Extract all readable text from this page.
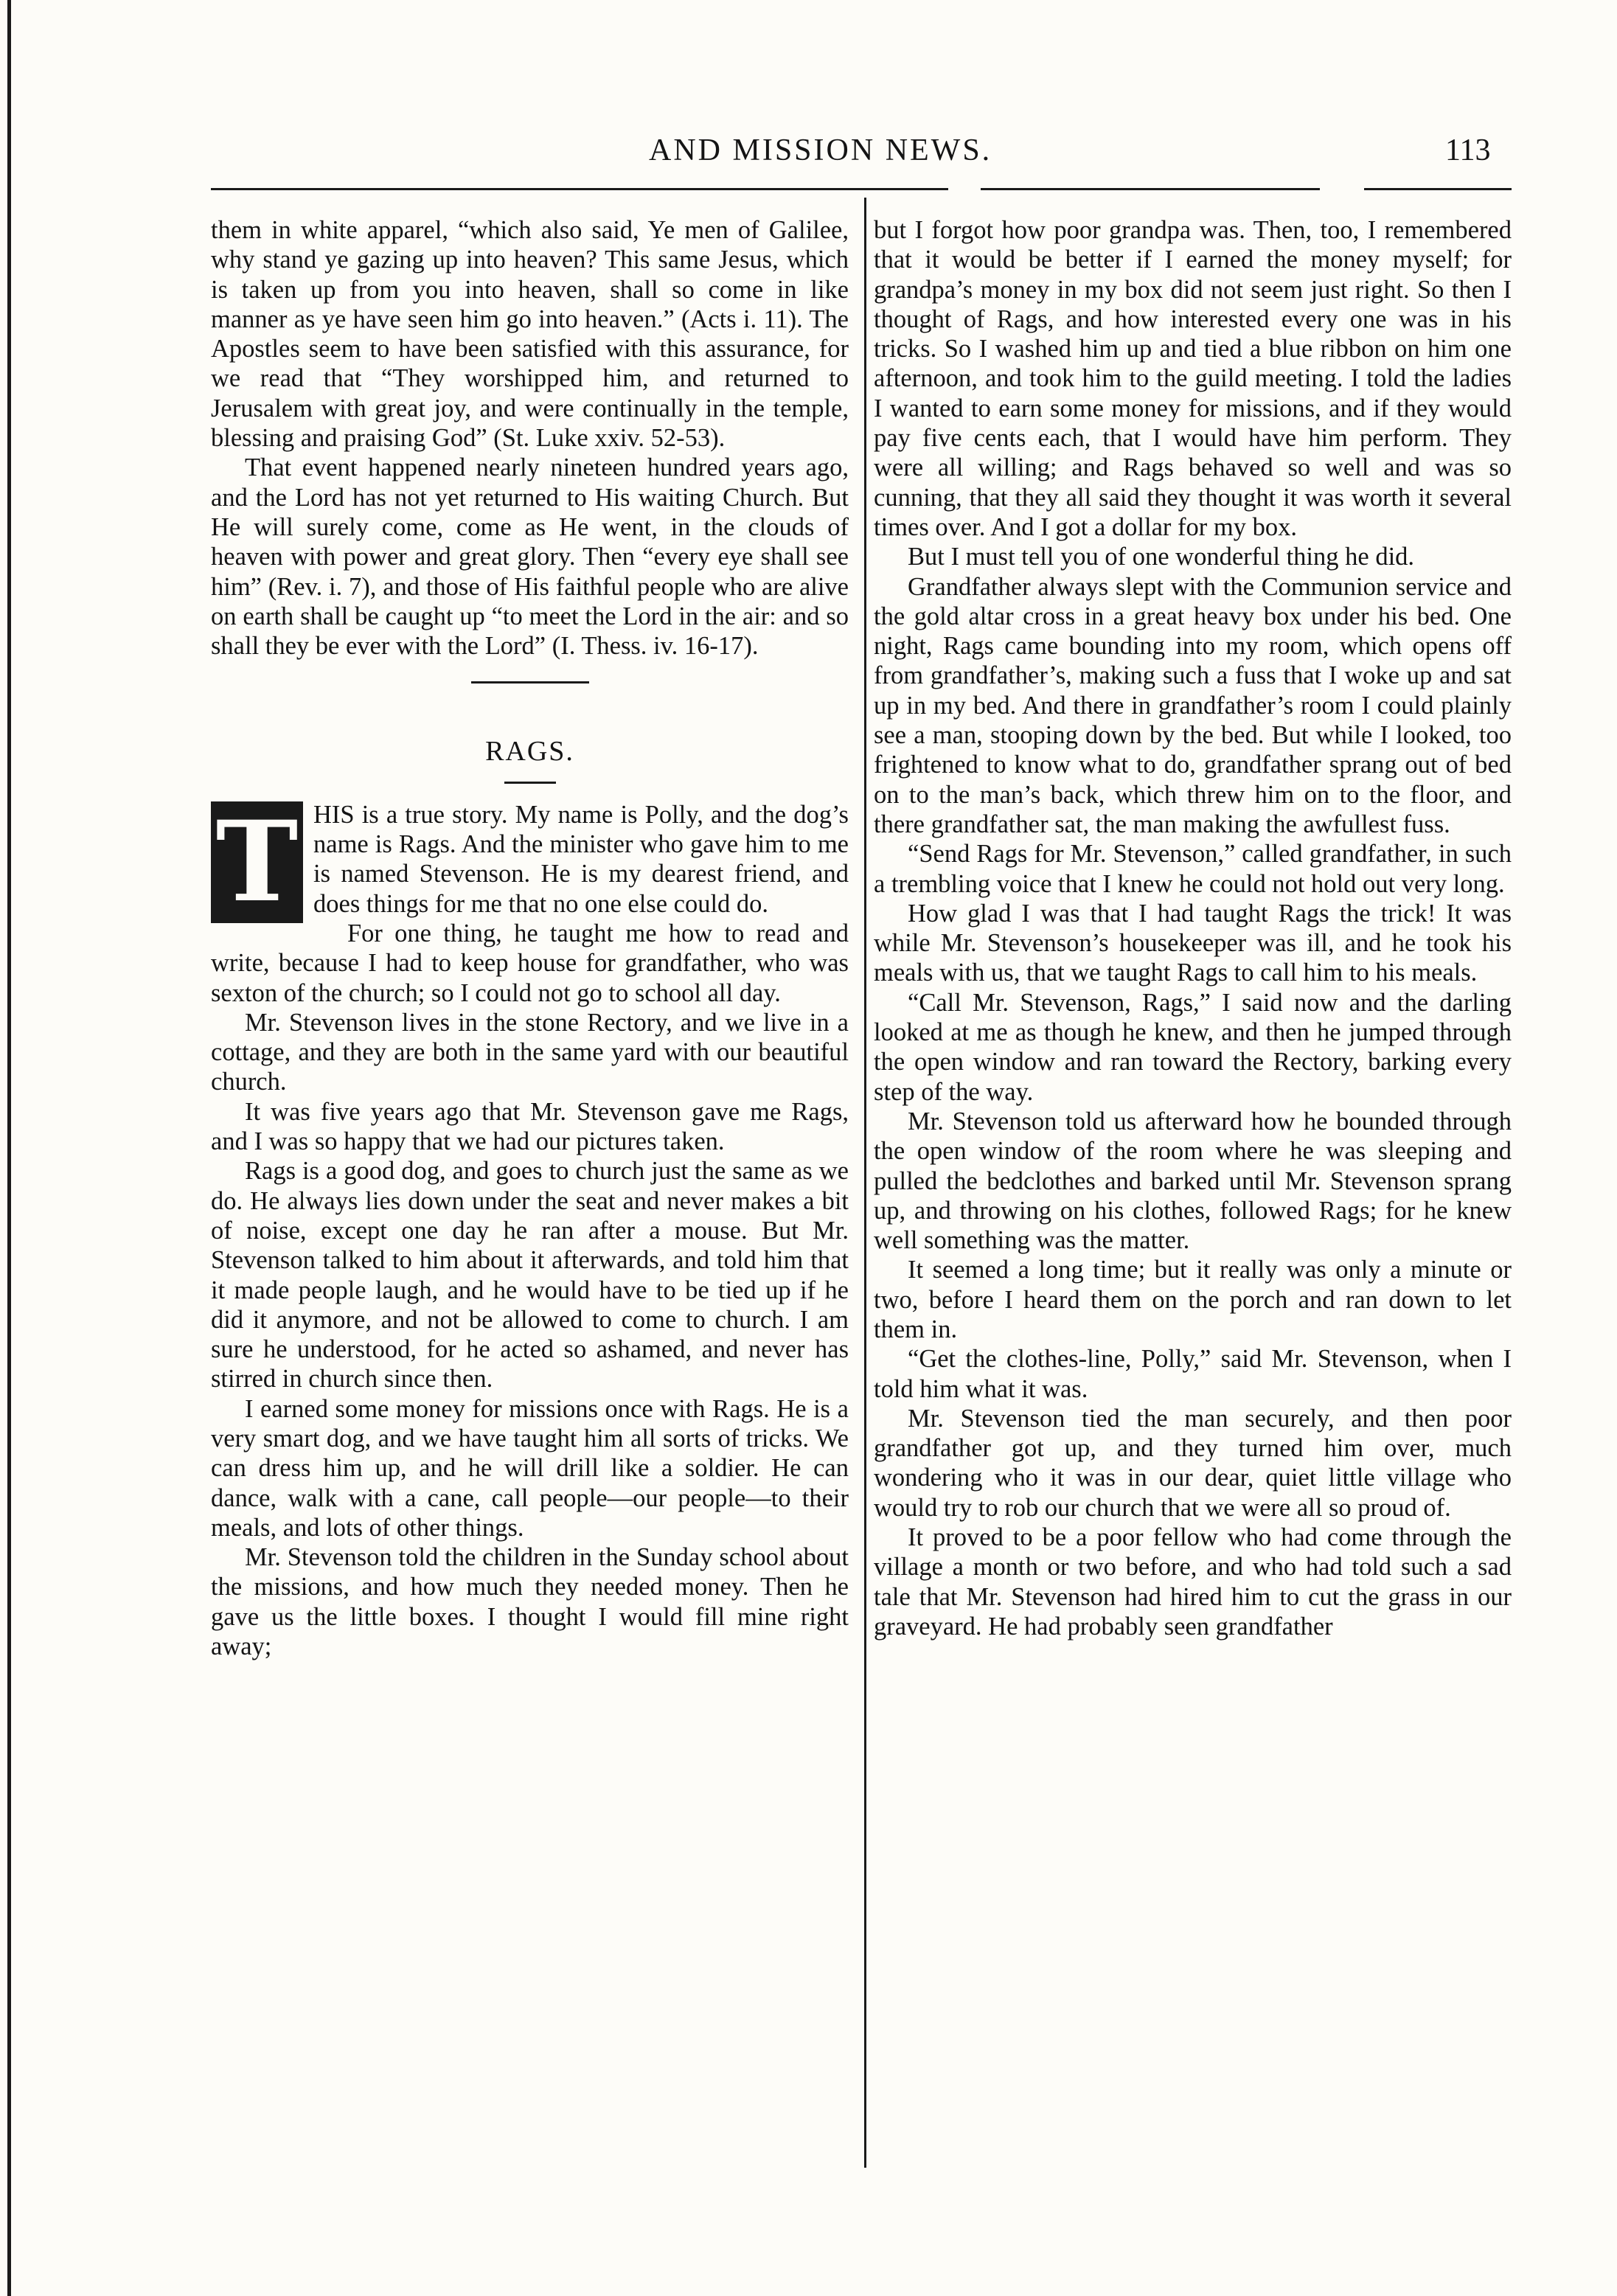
AND MISSION NEWS.	113

them in white apparel, “which also said, Ye men of Galilee, why stand ye gazing up into heaven? This same Jesus, which is taken up from you into heaven, shall so come in like manner as ye have seen him go into heaven.” (Acts i. 11). The Apostles seem to have been satisfied with this assurance, for we read that “They worshipped him, and returned to Jerusalem with great joy, and were continually in the temple, blessing and praising God” (St. Luke xxiv. 52-53).

That event happened nearly nineteen hundred years ago, and the Lord has not yet returned to His waiting Church. But He will surely come, come as He went, in the clouds of heaven with power and great glory. Then “every eye shall see him” (Rev. i. 7), and those of His faithful people who are alive on earth shall be caught up “to meet the Lord in the air: and so shall they be ever with the Lord” (I. Thess. iv. 16-17).

RAGS.

T HIS is a true story. My name is Polly, and the dog’s name is Rags. And the minister who gave him to me is named Stevenson. He is my dearest friend, and does things for me that no one else could do.

For one thing, he taught me how to read and write, because I had to keep house for grandfather, who was sexton of the church; so I could not go to school all day.

Mr. Stevenson lives in the stone Rectory, and we live in a cottage, and they are both in the same yard with our beautiful church.

It was five years ago that Mr. Stevenson gave me Rags, and I was so happy that we had our pictures taken.

Rags is a good dog, and goes to church just the same as we do. He always lies down under the seat and never makes a bit of noise, except one day he ran after a mouse. But Mr. Stevenson talked to him about it afterwards, and told him that it made people laugh, and he would have to be tied up if he did it anymore, and not be allowed to come to church. I am sure he understood, for he acted so ashamed, and never has stirred in church since then.

I earned some money for missions once with Rags. He is a very smart dog, and we have taught him all sorts of tricks. We can dress him up, and he will drill like a soldier. He can dance, walk with a cane, call people—our people—to their meals, and lots of other things.

Mr. Stevenson told the children in the Sunday school about the missions, and how much they needed money. Then he gave us the little boxes. I thought I would fill mine right away;

but I forgot how poor grandpa was. Then, too, I remembered that it would be better if I earned the money myself; for grandpa’s money in my box did not seem just right. So then I thought of Rags, and how interested every one was in his tricks. So I washed him up and tied a blue ribbon on him one afternoon, and took him to the guild meeting. I told the ladies I wanted to earn some money for missions, and if they would pay five cents each, that I would have him perform. They were all willing; and Rags behaved so well and was so cunning, that they all said they thought it was worth it several times over. And I got a dollar for my box.

But I must tell you of one wonderful thing he did.

Grandfather always slept with the Communion service and the gold altar cross in a great heavy box under his bed. One night, Rags came bounding into my room, which opens off from grandfather’s, making such a fuss that I woke up and sat up in my bed. And there in grandfather’s room I could plainly see a man, stooping down by the bed. But while I looked, too frightened to know what to do, grandfather sprang out of bed on to the man’s back, which threw him on to the floor, and there grandfather sat, the man making the awfullest fuss.

“Send Rags for Mr. Stevenson,” called grandfather, in such a trembling voice that I knew he could not hold out very long.

How glad I was that I had taught Rags the trick! It was while Mr. Stevenson’s housekeeper was ill, and he took his meals with us, that we taught Rags to call him to his meals.

“Call Mr. Stevenson, Rags,” I said now and the darling looked at me as though he knew, and then he jumped through the open window and ran toward the Rectory, barking every step of the way.

Mr. Stevenson told us afterward how he bounded through the open window of the room where he was sleeping and pulled the bedclothes and barked until Mr. Stevenson sprang up, and throwing on his clothes, followed Rags; for he knew well something was the matter.

It seemed a long time; but it really was only a minute or two, before I heard them on the porch and ran down to let them in.

“Get the clothes-line, Polly,” said Mr. Stevenson, when I told him what it was.

Mr. Stevenson tied the man securely, and then poor grandfather got up, and they turned him over, much wondering who it was in our dear, quiet little village who would try to rob our church that we were all so proud of.

It proved to be a poor fellow who had come through the village a month or two before, and who had told such a sad tale that Mr. Stevenson had hired him to cut the grass in our graveyard. He had probably seen grandfather
